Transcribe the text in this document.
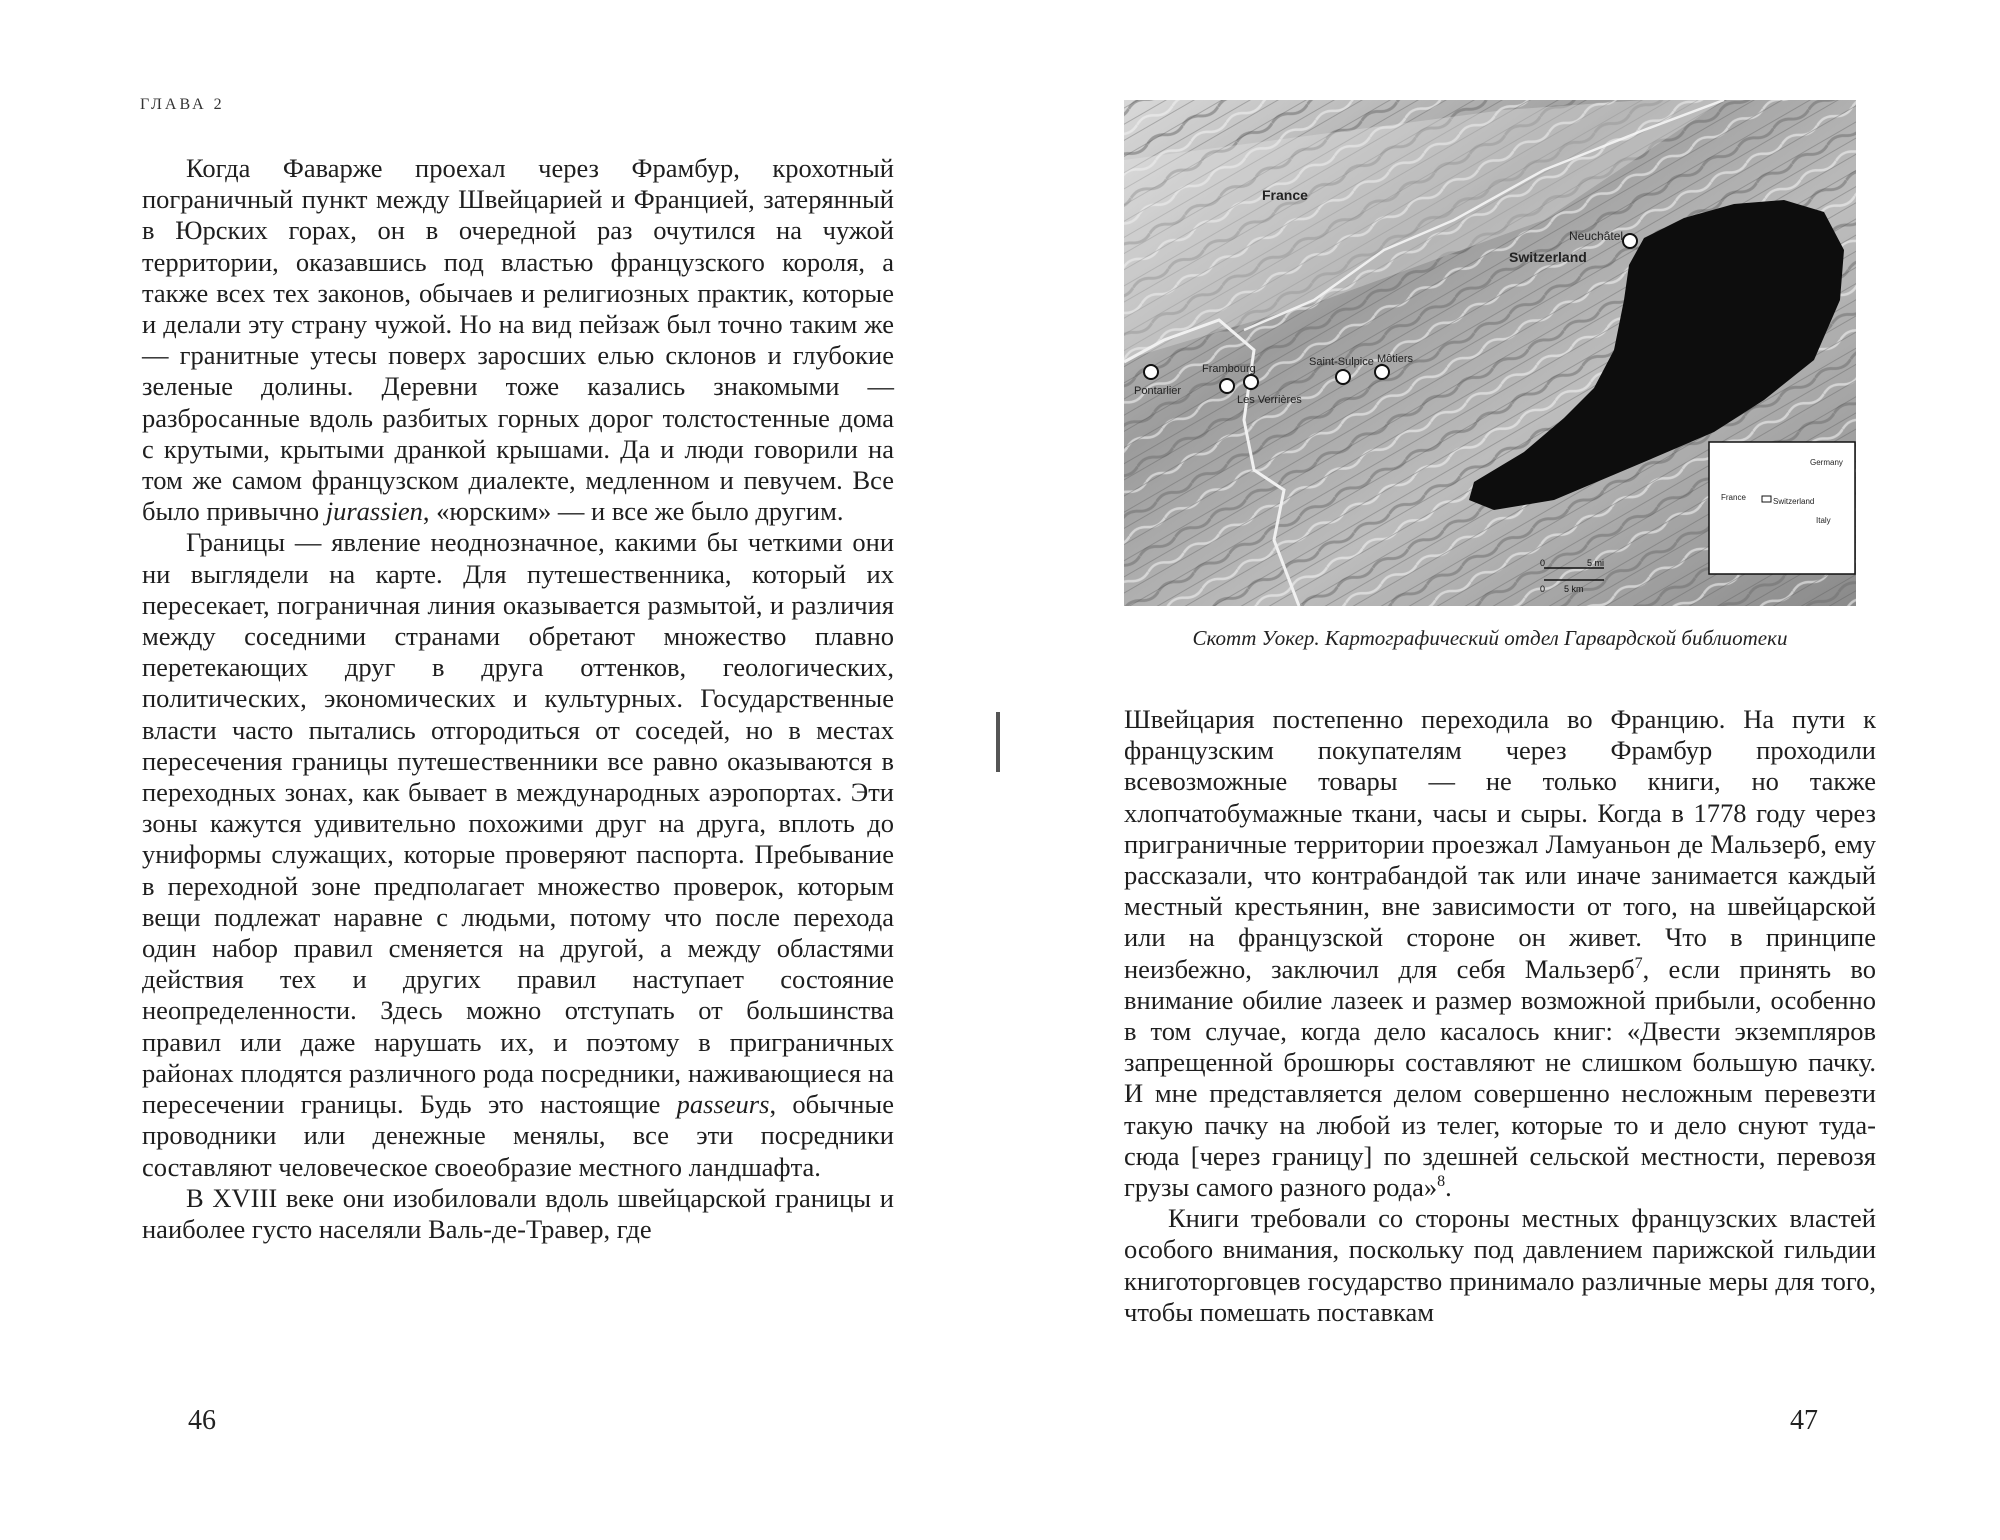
ГЛАВА 2

Когда Фаварже проехал через Фрамбур, крохотный пограничный пункт между Швейцарией и Францией, затерянный в Юрских горах, он в очередной раз очутился на чужой территории, оказавшись под властью французского короля, а также всех тех законов, обычаев и религиозных практик, которые и делали эту страну чужой. Но на вид пейзаж был точно таким же — гранитные утесы поверх заросших елью склонов и глубокие зеленые долины. Деревни тоже казались знакомыми — разбросанные вдоль разбитых горных дорог толстостенные дома с крутыми, крытыми дранкой крышами. Да и люди говорили на том же самом французском диалекте, медленном и певучем. Все было привычно jurassien, «юрским» — и все же было другим.

Границы — явление неоднозначное, какими бы четкими они ни выглядели на карте. Для путешественника, который их пересекает, пограничная линия оказывается размытой, и различия между соседними странами обретают множество плавно перетекающих друг в друга оттенков, геологических, политических, экономических и культурных. Государственные власти часто пытались отгородиться от соседей, но в местах пересечения границы путешественники все равно оказываются в переходных зонах, как бывает в международных аэропортах. Эти зоны кажутся удивительно похожими друг на друга, вплоть до униформы служащих, которые проверяют паспорта. Пребывание в переходной зоне предполагает множество проверок, которым вещи подлежат наравне с людьми, потому что после перехода один набор правил сменяется на другой, а между областями действия тех и других правил наступает состояние неопределенности. Здесь можно отступать от большинства правил или даже нарушать их, и поэтому в приграничных районах плодятся различного рода посредники, наживающиеся на пересечении границы. Будь это настоящие passeurs, обычные проводники или денежные менялы, все эти посредники составляют человеческое своеобразие местного ландшафта.

В XVIII веке они изобиловали вдоль швейцарской границы и наиболее густо населяли Валь-де-Травер, где

46
France
Switzerland
Neuchâtel
Pontarlier
Frambourg
Les Verrières
Saint-Sulpice Môtiers
0	5 mi
0 5 km
Germany
France	Switzerland
Italy
Скотт Уокер. Картографический отдел Гарвардской библиотеки

Швейцария постепенно переходила во Францию. На пути к французским покупателям через Фрамбур проходили всевозможные товары — не только книги, но также хлопчатобумажные ткани, часы и сыры. Когда в 1778 году через приграничные территории проезжал Ламуаньон де Мальзерб, ему рассказали, что контрабандой так или иначе занимается каждый местный крестьянин, вне зависимости от того, на швейцарской или на французской стороне он живет. Что в принципе неизбежно, заключил для себя Мальзерб$^7$, если принять во внимание обилие лазеек и размер возможной прибыли, особенно в том случае, когда дело касалось книг: «Двести экземпляров запрещенной брошюры составляют не слишком большую пачку. И мне представляется делом совершенно несложным перевезти такую пачку на любой из телег, которые то и дело снуют туда-сюда [через границу] по здешней сельской местности, перевозя грузы самого разного рода»$^8$.

Книги требовали со стороны местных французских властей особого внимания, поскольку под давлением парижской гильдии книготорговцев государство принимало различные меры для того, чтобы помешать поставкам

47
